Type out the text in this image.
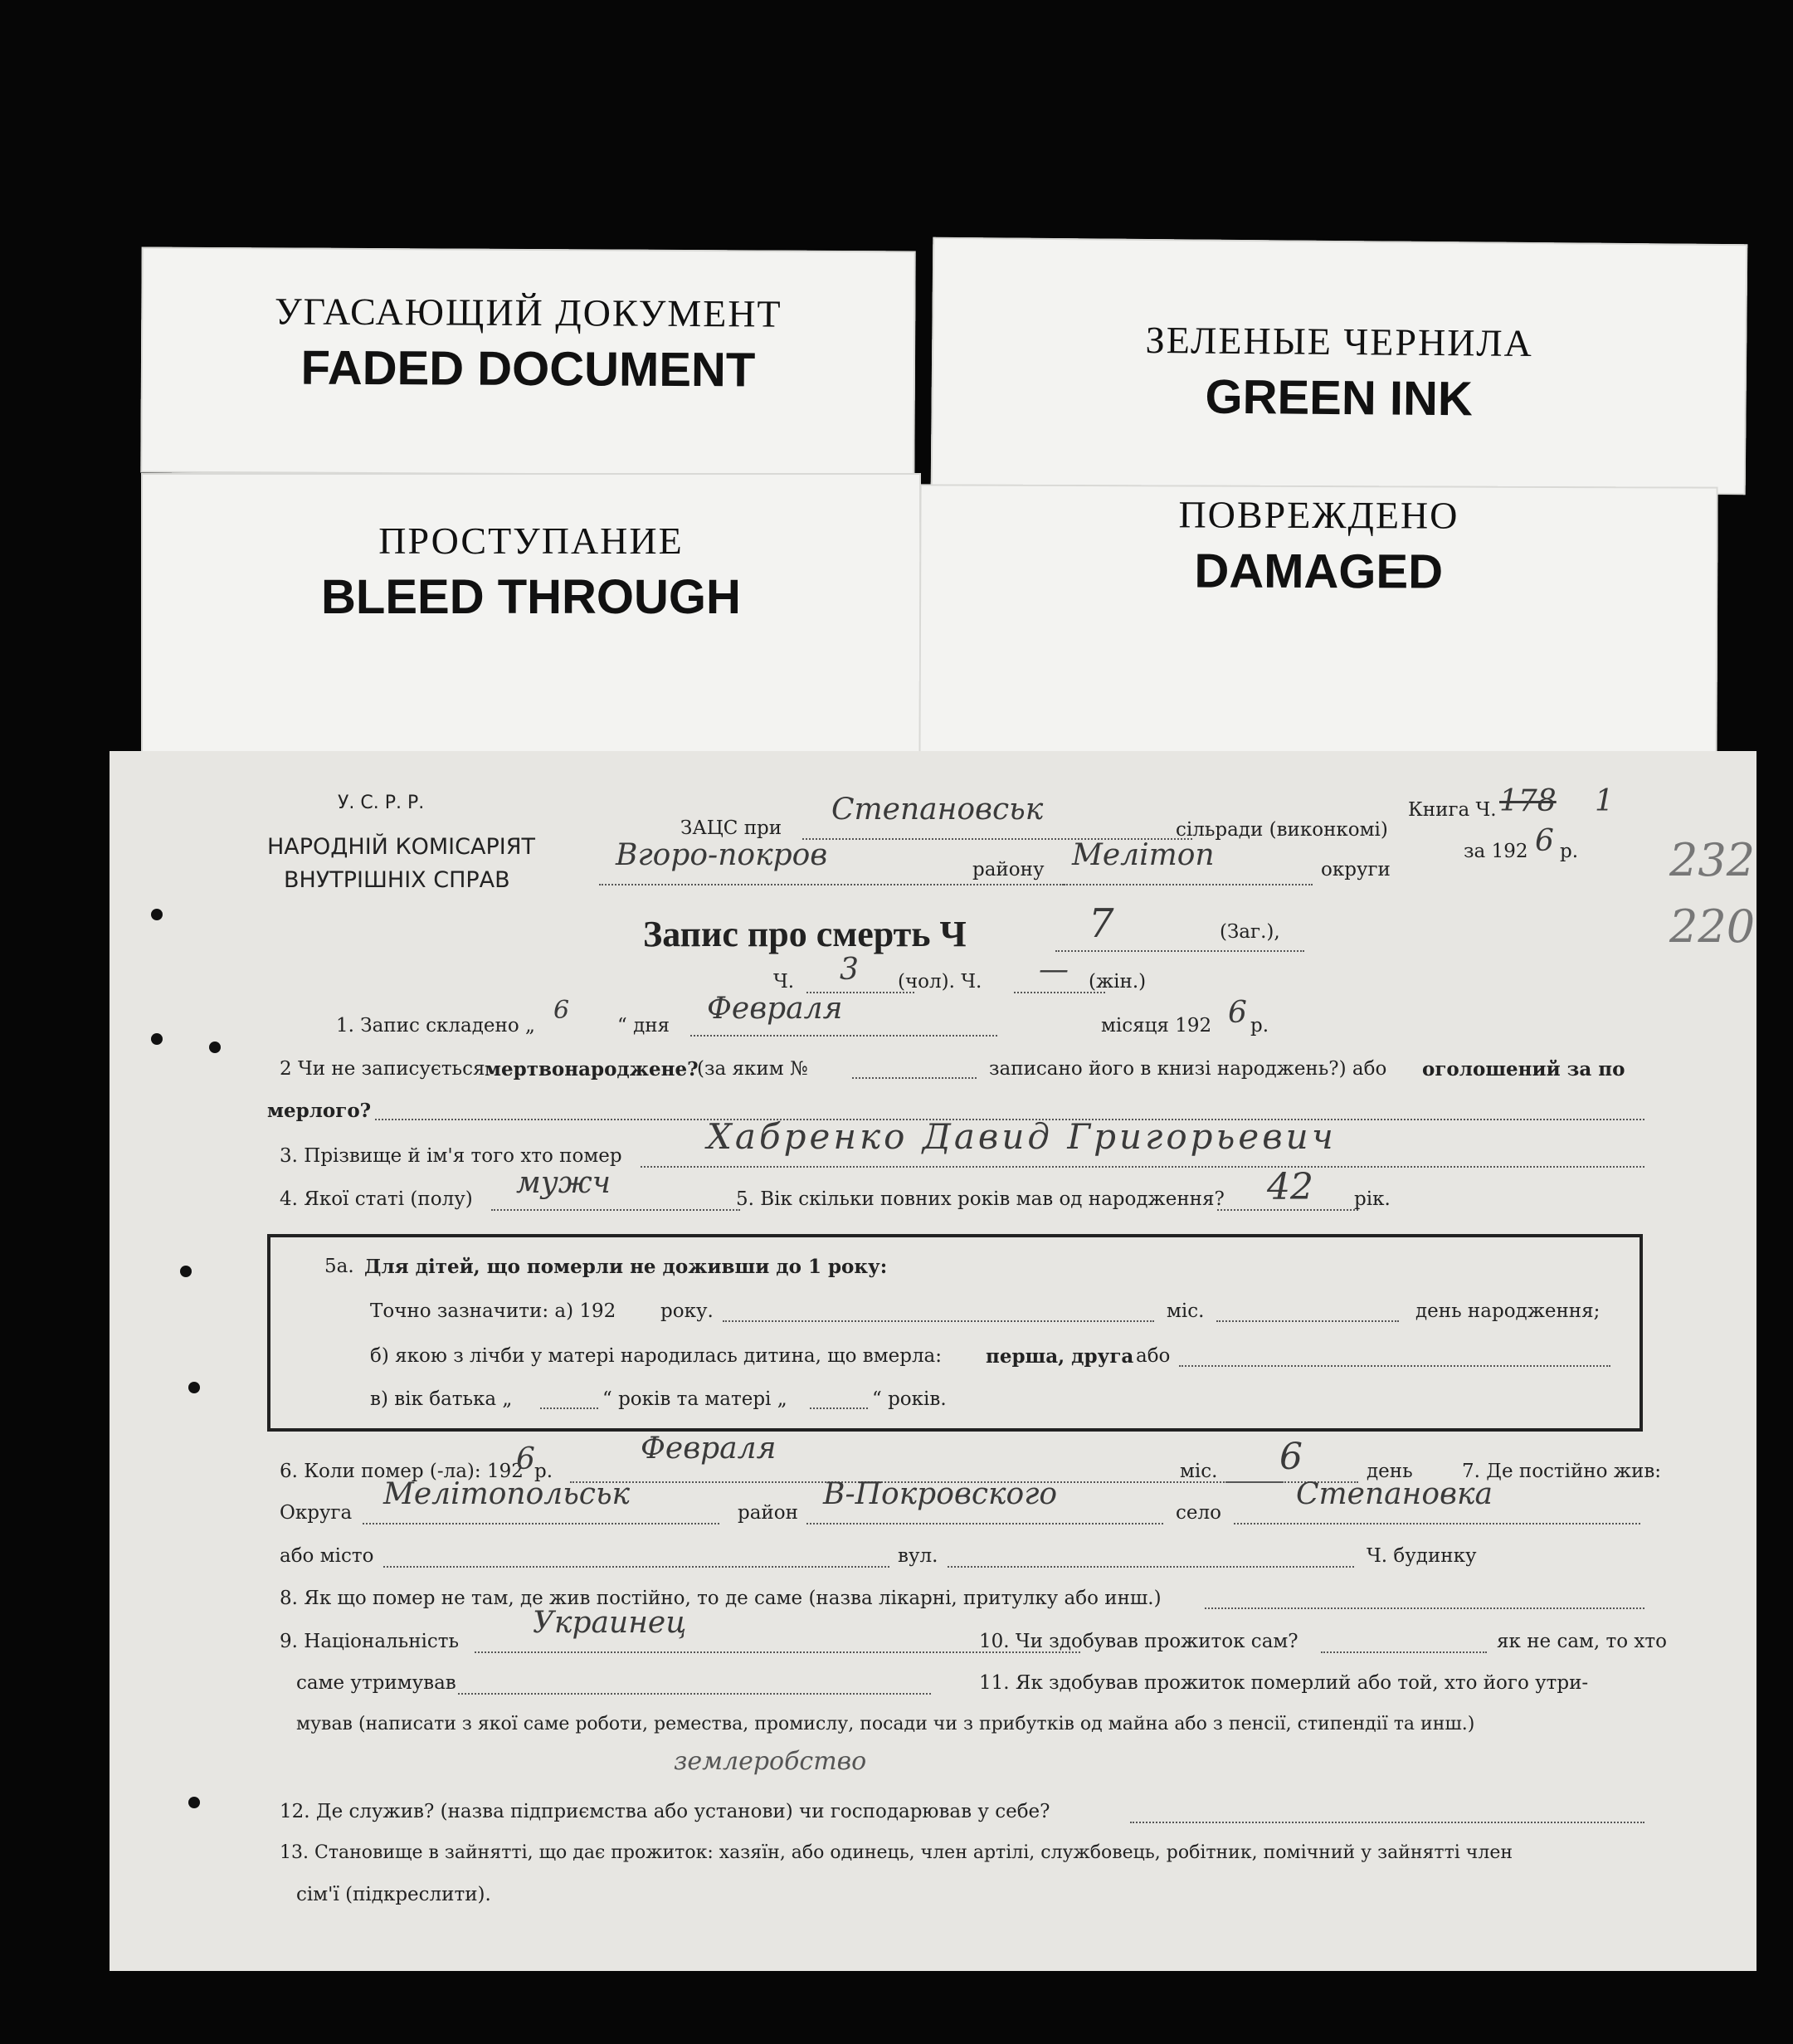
УГАСАЮЩИЙ ДОКУМЕНТ
FADED DOCUMENT	ЗЕЛЕНЫЕ ЧЕРНИЛА
GREEN INK
ПРОСТУПАНИЕ
BLEED THROUGH
ПОВРЕЖДЕНО
DAMAGED
У. С. Р. Р.
НАРОДНІЙ КОМІСАРІЯТ
ВНУТРІШНІХ СПРАВ
ЗАЦС при
Степановськ
сільради (виконкомі)
Книга Ч. 178 1
232
220
Вгоро-покров	району Мелітоп	округи
за 192 6 р.
Запис про смерть Ч	7	(Заг.),
Ч. 3 (чол). Ч. — (жін.)
1. Запис складено „
6
“ дня Февраля	місяця 192 6 р.
2 Чи не записується мертвонароджене?
(за яким №	записано його в книзі народжень?) або оголошений за по
мерлого?
3. Прізвище й ім'я того хто помер Хабренко Давид Григорьевич
4. Якої статі (полу) мужч	5. Вік скільки повних років мав од народження? 42 рік.
5а. Для дітей, що померли не доживши до 1 року:
Точно зазначити: а) 192 року.	міс.	день народження;
б) якою з лічби у матері народилась дитина, що вмерла: перша, друга або
в) вік батька „	“ років та матері „	“ років.
6. Коли помер (-ла): 192
6 р.
Февраля
міс. 6	день	7. Де постійно жив:
Округа
Мелітопольськ
район
В-Покровского
село
Степановка
або місто	вул.	Ч. будинку
8. Як що помер не там, де жив постійно, то де саме (назва лікарні, притулку або инш.)
9. Національність
Украинец
10. Чи здобував прожиток сам?	як не сам, то хто
саме утримував	11. Як здобував прожиток померлий або той, хто його утри-
мував (написати з якої саме роботи, ремества, промислу, посади чи з прибутків од майна або з пенсії, стипендії та инш.)
землеробство
12. Де служив? (назва підприємства або установи) чи господарював у себе?
13. Становище в зайнятті, що дає прожиток: хазяїн, або одинець, член артілі, службовець, робітник, помічний у зайнятті член
сім'ї (підкреслити).
